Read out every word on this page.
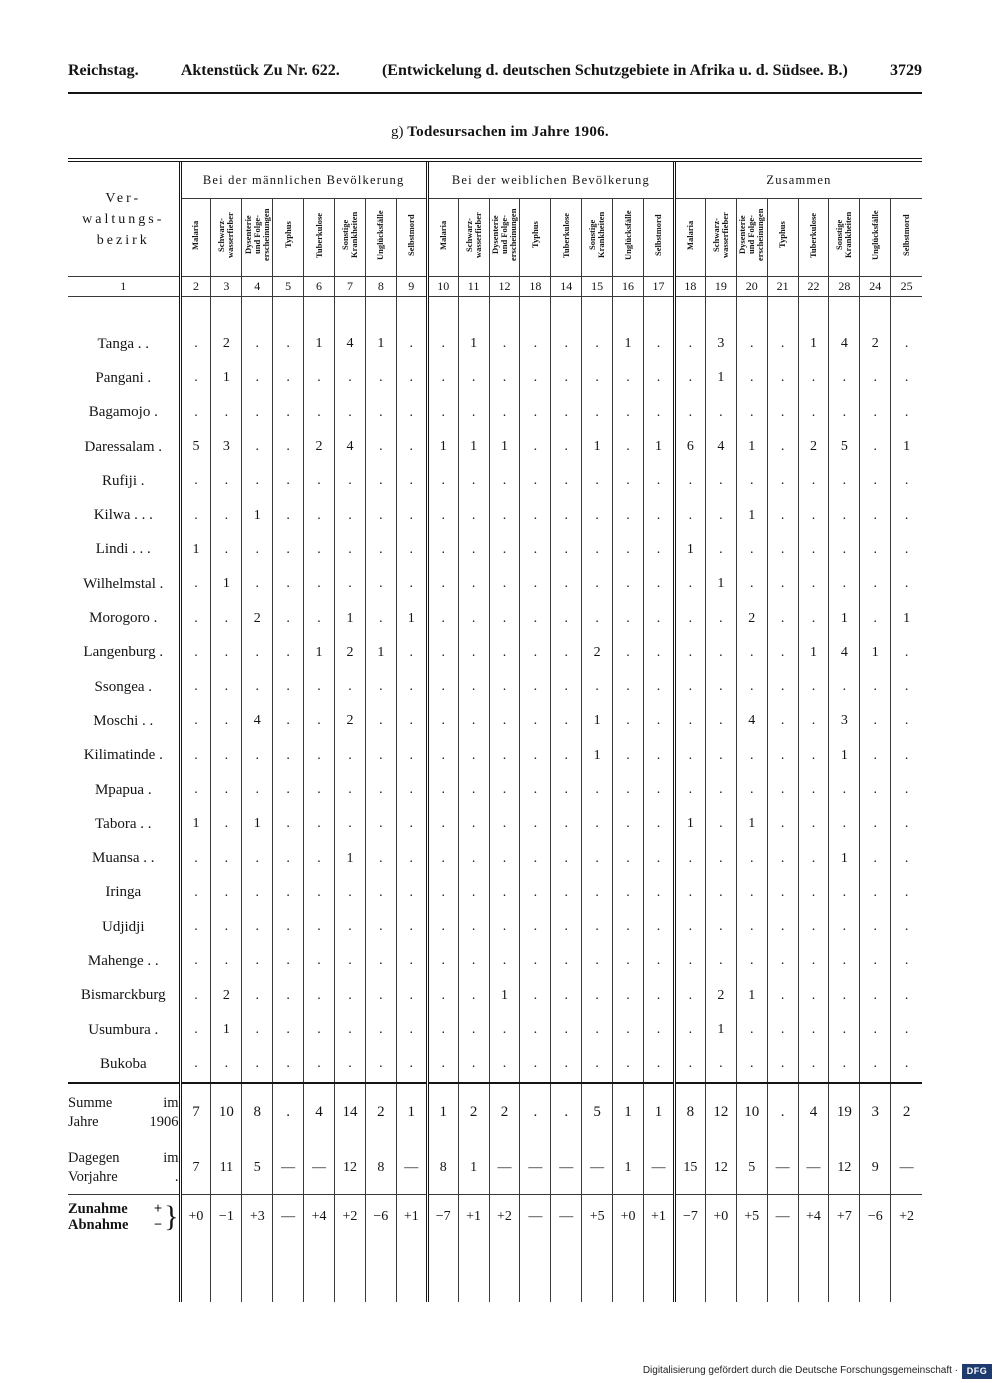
Reichstag.	Aktenstück Zu Nr. 622.	(Entwickelung d. deutschen Schutzgebiete in Afrika u. d. Südsee. B.)	3729
g) Todesursachen im Jahre 1906.
Ver-
waltungs-
bezirk	Bei der männlichen Bevölkerung								Bei der weiblichen Bevölkerung								Zusammen							

	Malaria	Schwarz- wasserfieber	Dysenterie und Folge- erscheinungen	Typhus	Tuberkulose	Sonstige Krankheiten	Unglücksfälle	Selbstmord	Malaria	Schwarz- wasserfieber	Dysenterie und Folge- erscheinungen	Typhus	Tuberkulose	Sonstige Krankheiten	Unglücksfälle	Selbstmord	Malaria	Schwarz- wasserfieber	Dysenterie und Folge- erscheinungen	Typhus	Tuberkulose	Sonstige Krankheiten	Unglücksfälle	Selbstmord

1	2	3	4	5	6	7	8	9	10	11	12	18	14	15	16	17	18	19	20	21	22	28	24	25

Tanga . .	.	2	.	.	1	4	1	.	.	1	.	.	.	.	1	.	.	3	.	.	1	4	2	.
Pangani .	.	1	.	.	.	.	.	.	.	.	.	.	.	.	.	.	.	1	.	.	.	.	.	.
Bagamojo .	.	.	.	.	.	.	.	.	.	.	.	.	.	.	.	.	.	.	.	.	.	.	.	.
Daressalam .	5	3	.	.	2	4	.	.	1	1	1	.	.	1	.	1	6	4	1	.	2	5	.	1
Rufiji .	.	.	.	.	.	.	.	.	.	.	.	.	.	.	.	.	.	.	.	.	.	.	.	.
Kilwa . . .	.	.	1	.	.	.	.	.	.	.	.	.	.	.	.	.	.	.	1	.	.	.	.	.
Lindi . . .	1	.	.	.	.	.	.	.	.	.	.	.	.	.	.	.	1	.	.	.	.	.	.	.
Wilhelmstal .	.	1	.	.	.	.	.	.	.	.	.	.	.	.	.	.	.	1	.	.	.	.	.	.
Morogoro .	.	.	2	.	.	1	.	1	.	.	.	.	.	.	.	.	.	.	2	.	.	1	.	1
Langenburg .	.	.	.	.	1	2	1	.	.	.	.	.	.	2	.	.	.	.	.	.	1	4	1	.
Ssongea .	.	.	.	.	.	.	.	.	.	.	.	.	.	.	.	.	.	.	.	.	.	.	.	.
Moschi . .	.	.	4	.	.	2	.	.	.	.	.	.	.	1	.	.	.	.	4	.	.	3	.	.
Kilimatinde .	.	.	.	.	.	.	.	.	.	.	.	.	.	1	.	.	.	.	.	.	.	1	.	.
Mpapua .	.	.	.	.	.	.	.	.	.	.	.	.	.	.	.	.	.	.	.	.	.	.	.	.
Tabora . .	1	.	1	.	.	.	.	.	.	.	.	.	.	.	.	.	1	.	1	.	.	.	.	.
Muansa . .	.	.	.	.	.	1	.	.	.	.	.	.	.	.	.	.	.	.	.	.	.	1	.	.
Iringa	.	.	.	.	.	.	.	.	.	.	.	.	.	.	.	.	.	.	.	.	.	.	.	.
Udjidji	.	.	.	.	.	.	.	.	.	.	.	.	.	.	.	.	.	.	.	.	.	.	.	.
Mahenge . .	.	.	.	.	.	.	.	.	.	.	.	.	.	.	.	.	.	.	.	.	.	.	.	.
Bismarckburg	.	2	.	.	.	.	.	.	.	.	1	.	.	.	.	.	.	2	1	.	.	.	.	.
Usumbura .	.	1	.	.	.	.	.	.	.	.	.	.	.	.	.	.	.	1	.	.	.	.	.	.
Bukoba	.	.	.	.	.	.	.	.	.	.	.	.	.	.	.	.	.	.	.	.	.	.	.	.

Summe im
Jahre 1906	7	10	8	.	4	14	2	1	1	2	2	.	.	5	1	1	8	12	10	.	4	19	3	2

Dagegen im
Vorjahre .	7	11	5	—	—	12	8	—	8	1	—	—	—	—	1	—	15	12	5	—	—	12	9	—

Zunahme +
Abnahme − }	+0	−1	+3	—	+4	+2	−6	+1	−7	+1	+2	—	—	+5	+0	+1	−7	+0	+5	—	+4	+7	−6	+2

Digitalisierung gefördert durch die Deutsche Forschungsgemeinschaft · DFG
